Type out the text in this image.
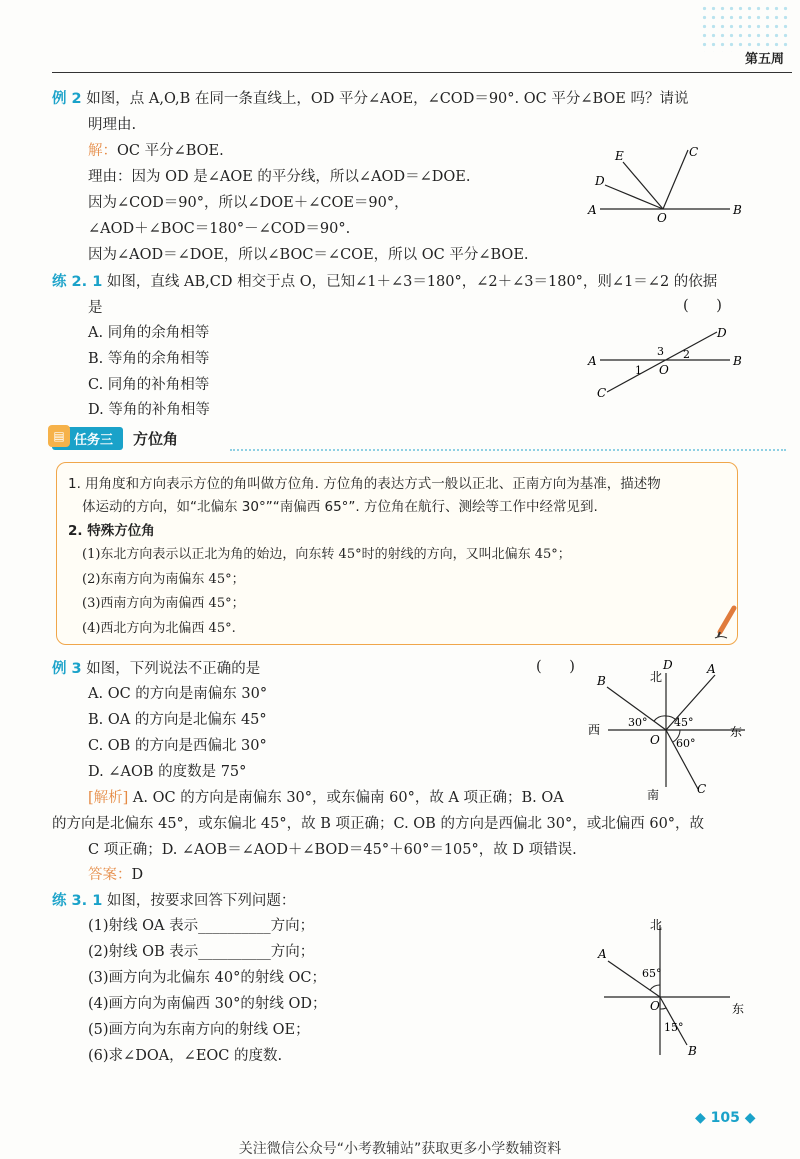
第五周
例 2 如图，点 A,O,B 在同一条直线上，OD 平分∠AOE，∠COD＝90°. OC 平分∠BOE 吗？请说
明理由.
解：OC 平分∠BOE.
理由：因为 OD 是∠AOE 的平分线，所以∠AOD＝∠DOE.
因为∠COD＝90°，所以∠DOE＋∠COE＝90°，
∠AOD＋∠BOC＝180°－∠COD＝90°.
因为∠AOD＝∠DOE，所以∠BOC＝∠COE，所以 OC 平分∠BOE.
E	C
D
A
O
B
练 2. 1 如图，直线 AB,CD 相交于点 O，已知∠1＋∠3＝180°，∠2＋∠3＝180°，则∠1＝∠2 的依据
是	(      )
A. 同角的余角相等
B. 等角的余角相等
C. 同角的补角相等
D. 等角的补角相等
A	B
C
D
O
1
2
3
▤ 任务三	方位角
1. 用角度和方向表示方位的角叫做方位角. 方位角的表达方式一般以正北、正南方向为基准，描述物
体运动的方向，如“北偏东 30°”“南偏西 65°”. 方位角在航行、测绘等工作中经常见到.
2. 特殊方位角
(1)东北方向表示以正北为角的始边，向东转 45°时的射线的方向，又叫北偏东 45°；
(2)东南方向为南偏东 45°；
(3)西南方向为南偏西 45°；
(4)西北方向为北偏西 45°.
例 3 如图，下列说法不正确的是	(      )
A. OC 的方向是南偏东 30°
B. OA 的方向是北偏东 45°
C. OB 的方向是西偏北 30°
D. ∠AOB 的度数是 75°
[解析] A. OC 的方向是南偏东 30°，或东偏南 60°，故 A 项正确；B. OA
的方向是北偏东 45°，或东偏北 45°，故 B 项正确；C. OB 的方向是西偏北 30°，或北偏西 60°，故
C 项正确；D. ∠AOB＝∠AOD＋∠BOD＝45°＋60°＝105°，故 D 项错误.
答案：D
北
D	A
B
西	东
南	C
O
30° 45°
60°
练 3. 1 如图，按要求回答下列问题：
(1)射线 OA 表示__________方向；
(2)射线 OB 表示__________方向；
(3)画方向为北偏东 40°的射线 OC；
(4)画方向为南偏西 30°的射线 OD；
(5)画方向为东南方向的射线 OE；
(6)求∠DOA，∠EOC 的度数.
北
A
65°
O	东
15°
B
◆ 105 ◆
关注微信公众号“小考教辅站”获取更多小学数辅资料
